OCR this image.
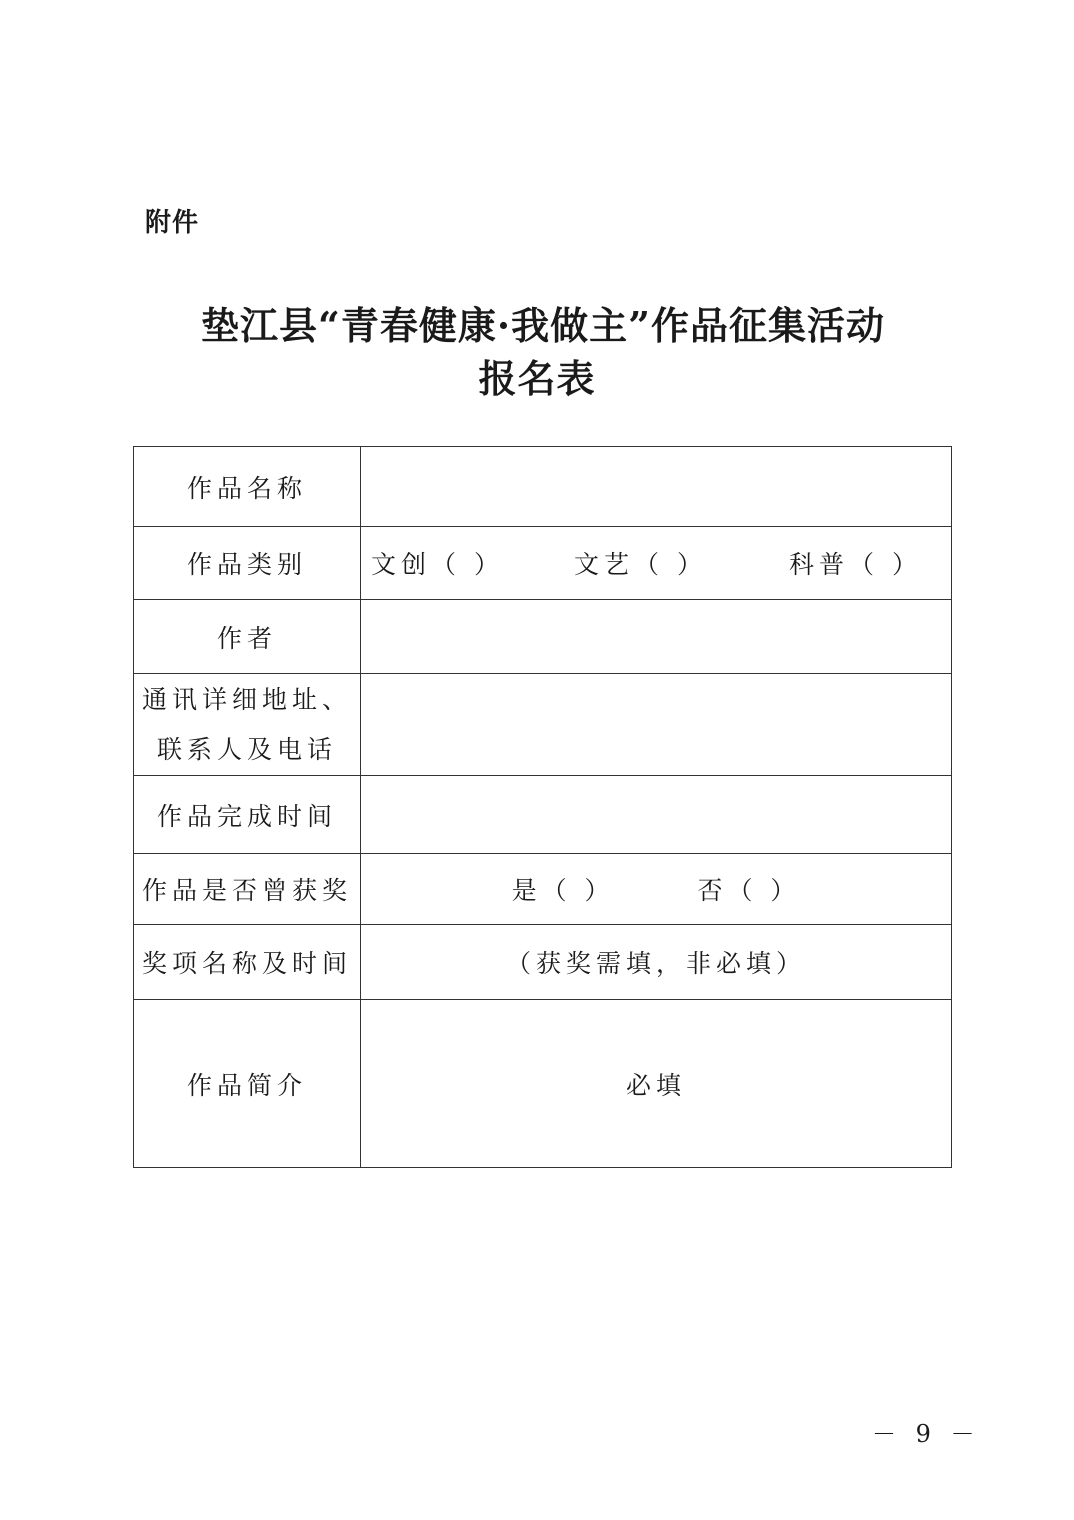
附件
垫江县“青春健康·我做主”作品征集活动
报名表
作品名称	
作品类别	文创（ ） 文艺（ ） 科普（ ）

作者	

通讯详细地址、
联系人及电话	

作品完成时间	
作品是否曾获奖	是（ ） 否（ ）
奖项名称及时间	（获奖需填，非必填）
作品简介	必填
－ 9 －
